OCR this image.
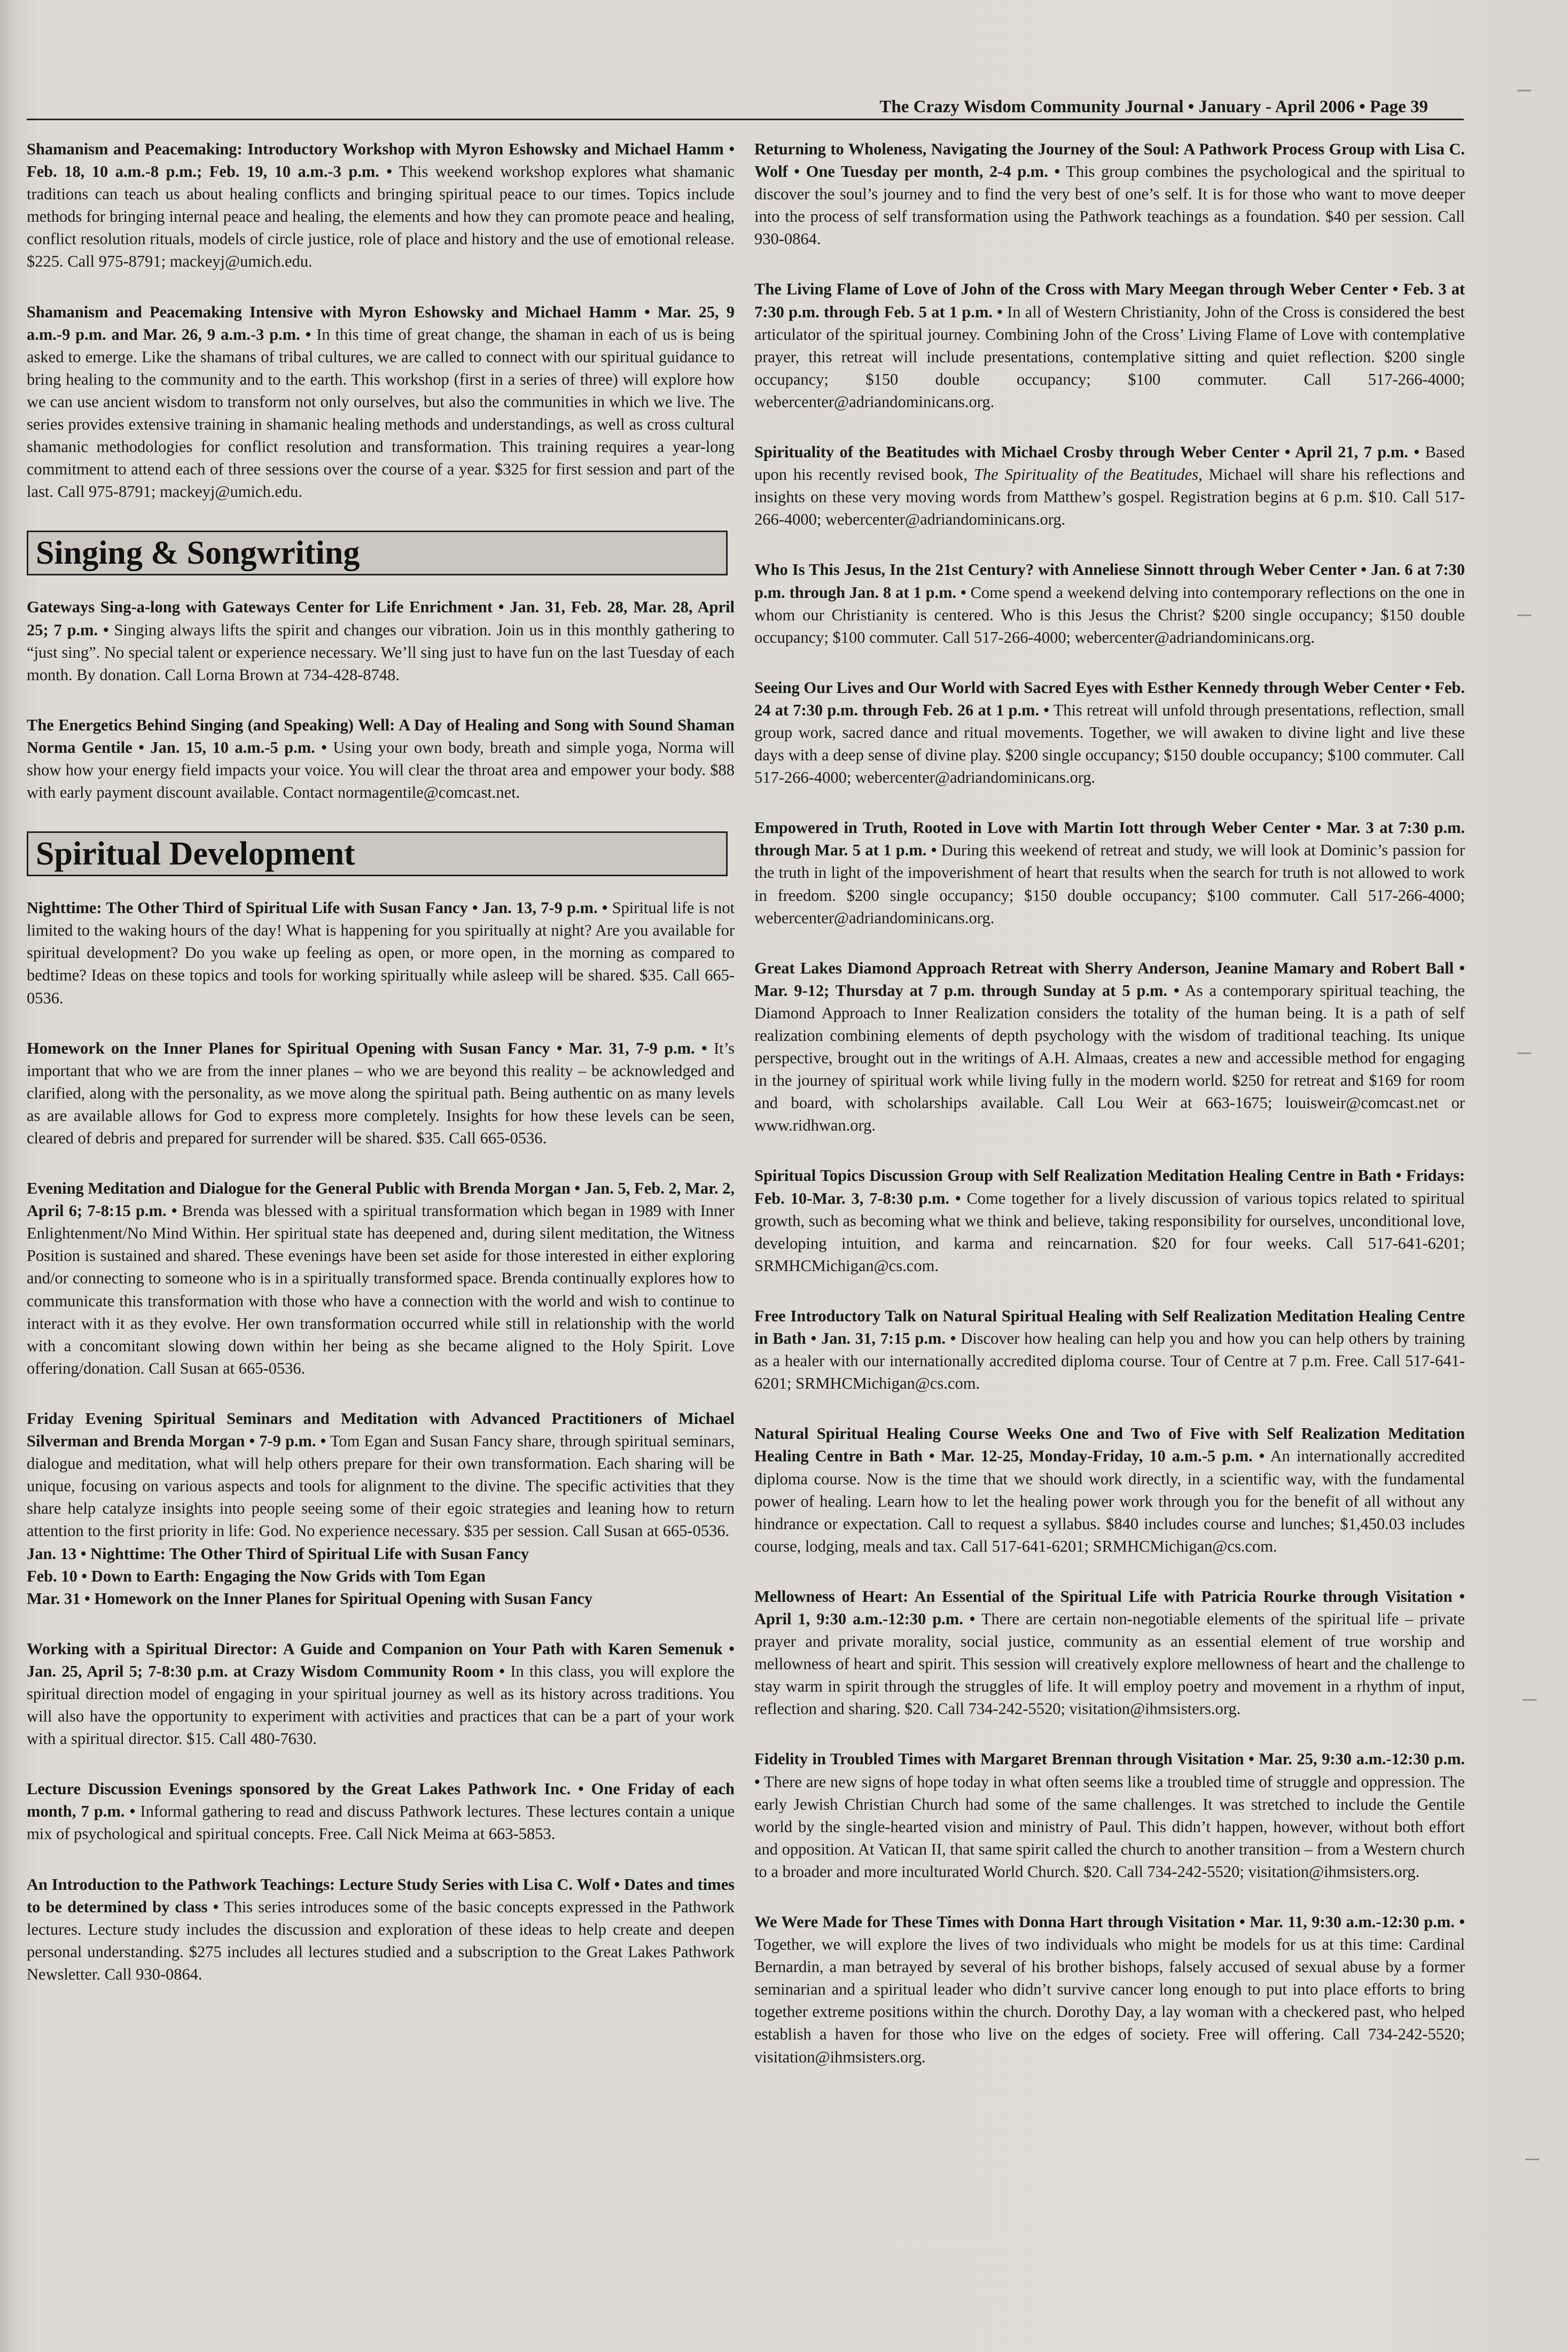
The Crazy Wisdom Community Journal • January - April 2006 • Page 39
Shamanism and Peacemaking: Introductory Workshop with Myron Eshowsky and Michael Hamm • Feb. 18, 10 a.m.-8 p.m.; Feb. 19, 10 a.m.-3 p.m. • This weekend workshop explores what shamanic traditions can teach us about healing conflicts and bringing spiritual peace to our times. Topics include methods for bringing internal peace and healing, the elements and how they can promote peace and healing, conflict resolution rituals, models of circle justice, role of place and history and the use of emotional release. $225. Call 975-8791; mackeyj@umich.edu.
Shamanism and Peacemaking Intensive with Myron Eshowsky and Michael Hamm • Mar. 25, 9 a.m.-9 p.m. and Mar. 26, 9 a.m.-3 p.m. • In this time of great change, the shaman in each of us is being asked to emerge. Like the shamans of tribal cultures, we are called to connect with our spiritual guidance to bring healing to the community and to the earth. This workshop (first in a series of three) will explore how we can use ancient wisdom to transform not only ourselves, but also the communities in which we live. The series provides extensive training in shamanic healing methods and understandings, as well as cross cultural shamanic methodologies for conflict resolution and transformation. This training requires a year-long commitment to attend each of three sessions over the course of a year. $325 for first session and part of the last. Call 975-8791; mackeyj@umich.edu.
Singing & Songwriting
Gateways Sing-a-long with Gateways Center for Life Enrichment • Jan. 31, Feb. 28, Mar. 28, April 25; 7 p.m. • Singing always lifts the spirit and changes our vibration. Join us in this monthly gathering to “just sing”. No special talent or experience necessary. We’ll sing just to have fun on the last Tuesday of each month. By donation. Call Lorna Brown at 734-428-8748.
The Energetics Behind Singing (and Speaking) Well: A Day of Healing and Song with Sound Shaman Norma Gentile • Jan. 15, 10 a.m.-5 p.m. • Using your own body, breath and simple yoga, Norma will show how your energy field impacts your voice. You will clear the throat area and empower your body. $88 with early payment discount available. Contact normagentile@comcast.net.
Spiritual Development
Nighttime: The Other Third of Spiritual Life with Susan Fancy • Jan. 13, 7-9 p.m. • Spiritual life is not limited to the waking hours of the day! What is happening for you spiritually at night? Are you available for spiritual development? Do you wake up feeling as open, or more open, in the morning as compared to bedtime? Ideas on these topics and tools for working spiritually while asleep will be shared. $35. Call 665-0536.
Homework on the Inner Planes for Spiritual Opening with Susan Fancy • Mar. 31, 7-9 p.m. • It’s important that who we are from the inner planes – who we are beyond this reality – be acknowledged and clarified, along with the personality, as we move along the spiritual path. Being authentic on as many levels as are available allows for God to express more completely. Insights for how these levels can be seen, cleared of debris and prepared for surrender will be shared. $35. Call 665-0536.
Evening Meditation and Dialogue for the General Public with Brenda Morgan • Jan. 5, Feb. 2, Mar. 2, April 6; 7-8:15 p.m. • Brenda was blessed with a spiritual transformation which began in 1989 with Inner Enlightenment/No Mind Within. Her spiritual state has deepened and, during silent meditation, the Witness Position is sustained and shared. These evenings have been set aside for those interested in either exploring and/or connecting to someone who is in a spiritually transformed space. Brenda continually explores how to communicate this transformation with those who have a connection with the world and wish to continue to interact with it as they evolve. Her own transformation occurred while still in relationship with the world with a concomitant slowing down within her being as she became aligned to the Holy Spirit. Love offering/donation. Call Susan at 665-0536.
Friday Evening Spiritual Seminars and Meditation with Advanced Practitioners of Michael Silverman and Brenda Morgan • 7-9 p.m. • Tom Egan and Susan Fancy share, through spiritual seminars, dialogue and meditation, what will help others prepare for their own transformation. Each sharing will be unique, focusing on various aspects and tools for alignment to the divine. The specific activities that they share help catalyze insights into people seeing some of their egoic strategies and leaning how to return attention to the first priority in life: God. No experience necessary. $35 per session. Call Susan at 665-0536.
Jan. 13 • Nighttime: The Other Third of Spiritual Life with Susan Fancy
Feb. 10 • Down to Earth: Engaging the Now Grids with Tom Egan
Mar. 31 • Homework on the Inner Planes for Spiritual Opening with Susan Fancy
Working with a Spiritual Director: A Guide and Companion on Your Path with Karen Semenuk • Jan. 25, April 5; 7-8:30 p.m. at Crazy Wisdom Community Room • In this class, you will explore the spiritual direction model of engaging in your spiritual journey as well as its history across traditions. You will also have the opportunity to experiment with activities and practices that can be a part of your work with a spiritual director. $15. Call 480-7630.
Lecture Discussion Evenings sponsored by the Great Lakes Pathwork Inc. • One Friday of each month, 7 p.m. • Informal gathering to read and discuss Pathwork lectures. These lectures contain a unique mix of psychological and spiritual concepts. Free. Call Nick Meima at 663-5853.
An Introduction to the Pathwork Teachings: Lecture Study Series with Lisa C. Wolf • Dates and times to be determined by class • This series introduces some of the basic concepts expressed in the Pathwork lectures. Lecture study includes the discussion and exploration of these ideas to help create and deepen personal understanding. $275 includes all lectures studied and a subscription to the Great Lakes Pathwork Newsletter. Call 930-0864.
Returning to Wholeness, Navigating the Journey of the Soul: A Pathwork Process Group with Lisa C. Wolf • One Tuesday per month, 2-4 p.m. • This group combines the psychological and the spiritual to discover the soul’s journey and to find the very best of one’s self. It is for those who want to move deeper into the process of self transformation using the Pathwork teachings as a foundation. $40 per session. Call 930-0864.
The Living Flame of Love of John of the Cross with Mary Meegan through Weber Center • Feb. 3 at 7:30 p.m. through Feb. 5 at 1 p.m. • In all of Western Christianity, John of the Cross is considered the best articulator of the spiritual journey. Combining John of the Cross’ Living Flame of Love with contemplative prayer, this retreat will include presentations, contemplative sitting and quiet reflection. $200 single occupancy; $150 double occupancy; $100 commuter. Call 517-266-4000; webercenter@adriandominicans.org.
Spirituality of the Beatitudes with Michael Crosby through Weber Center • April 21, 7 p.m. • Based upon his recently revised book, The Spirituality of the Beatitudes, Michael will share his reflections and insights on these very moving words from Matthew’s gospel. Registration begins at 6 p.m. $10. Call 517-266-4000; webercenter@adriandominicans.org.
Who Is This Jesus, In the 21st Century? with Anneliese Sinnott through Weber Center • Jan. 6 at 7:30 p.m. through Jan. 8 at 1 p.m. • Come spend a weekend delving into contemporary reflections on the one in whom our Christianity is centered. Who is this Jesus the Christ? $200 single occupancy; $150 double occupancy; $100 commuter. Call 517-266-4000; webercenter@adriandominicans.org.
Seeing Our Lives and Our World with Sacred Eyes with Esther Kennedy through Weber Center • Feb. 24 at 7:30 p.m. through Feb. 26 at 1 p.m. • This retreat will unfold through presentations, reflection, small group work, sacred dance and ritual movements. Together, we will awaken to divine light and live these days with a deep sense of divine play. $200 single occupancy; $150 double occupancy; $100 commuter. Call 517-266-4000; webercenter@adriandominicans.org.
Empowered in Truth, Rooted in Love with Martin Iott through Weber Center • Mar. 3 at 7:30 p.m. through Mar. 5 at 1 p.m. • During this weekend of retreat and study, we will look at Dominic’s passion for the truth in light of the impoverishment of heart that results when the search for truth is not allowed to work in freedom. $200 single occupancy; $150 double occupancy; $100 commuter. Call 517-266-4000; webercenter@adriandominicans.org.
Great Lakes Diamond Approach Retreat with Sherry Anderson, Jeanine Mamary and Robert Ball • Mar. 9-12; Thursday at 7 p.m. through Sunday at 5 p.m. • As a contemporary spiritual teaching, the Diamond Approach to Inner Realization considers the totality of the human being. It is a path of self realization combining elements of depth psychology with the wisdom of traditional teaching. Its unique perspective, brought out in the writings of A.H. Almaas, creates a new and accessible method for engaging in the journey of spiritual work while living fully in the modern world. $250 for retreat and $169 for room and board, with scholarships available. Call Lou Weir at 663-1675; louisweir@comcast.net or www.ridhwan.org.
Spiritual Topics Discussion Group with Self Realization Meditation Healing Centre in Bath • Fridays: Feb. 10-Mar. 3, 7-8:30 p.m. • Come together for a lively discussion of various topics related to spiritual growth, such as becoming what we think and believe, taking responsibility for ourselves, unconditional love, developing intuition, and karma and reincarnation. $20 for four weeks. Call 517-641-6201; SRMHCMichigan@cs.com.
Free Introductory Talk on Natural Spiritual Healing with Self Realization Meditation Healing Centre in Bath • Jan. 31, 7:15 p.m. • Discover how healing can help you and how you can help others by training as a healer with our internationally accredited diploma course. Tour of Centre at 7 p.m. Free. Call 517-641-6201; SRMHCMichigan@cs.com.
Natural Spiritual Healing Course Weeks One and Two of Five with Self Realization Meditation Healing Centre in Bath • Mar. 12-25, Monday-Friday, 10 a.m.-5 p.m. • An internationally accredited diploma course. Now is the time that we should work directly, in a scientific way, with the fundamental power of healing. Learn how to let the healing power work through you for the benefit of all without any hindrance or expectation. Call to request a syllabus. $840 includes course and lunches; $1,450.03 includes course, lodging, meals and tax. Call 517-641-6201; SRMHCMichigan@cs.com.
Mellowness of Heart: An Essential of the Spiritual Life with Patricia Rourke through Visitation • April 1, 9:30 a.m.-12:30 p.m. • There are certain non-negotiable elements of the spiritual life – private prayer and private morality, social justice, community as an essential element of true worship and mellowness of heart and spirit. This session will creatively explore mellowness of heart and the challenge to stay warm in spirit through the struggles of life. It will employ poetry and movement in a rhythm of input, reflection and sharing. $20. Call 734-242-5520; visitation@ihmsisters.org.
Fidelity in Troubled Times with Margaret Brennan through Visitation • Mar. 25, 9:30 a.m.-12:30 p.m. • There are new signs of hope today in what often seems like a troubled time of struggle and oppression. The early Jewish Christian Church had some of the same challenges. It was stretched to include the Gentile world by the single-hearted vision and ministry of Paul. This didn’t happen, however, without both effort and opposition. At Vatican II, that same spirit called the church to another transition – from a Western church to a broader and more inculturated World Church. $20. Call 734-242-5520; visitation@ihmsisters.org.
We Were Made for These Times with Donna Hart through Visitation • Mar. 11, 9:30 a.m.-12:30 p.m. • Together, we will explore the lives of two individuals who might be models for us at this time: Cardinal Bernardin, a man betrayed by several of his brother bishops, falsely accused of sexual abuse by a former seminarian and a spiritual leader who didn’t survive cancer long enough to put into place efforts to bring together extreme positions within the church. Dorothy Day, a lay woman with a checkered past, who helped establish a haven for those who live on the edges of society. Free will offering. Call 734-242-5520; visitation@ihmsisters.org.
